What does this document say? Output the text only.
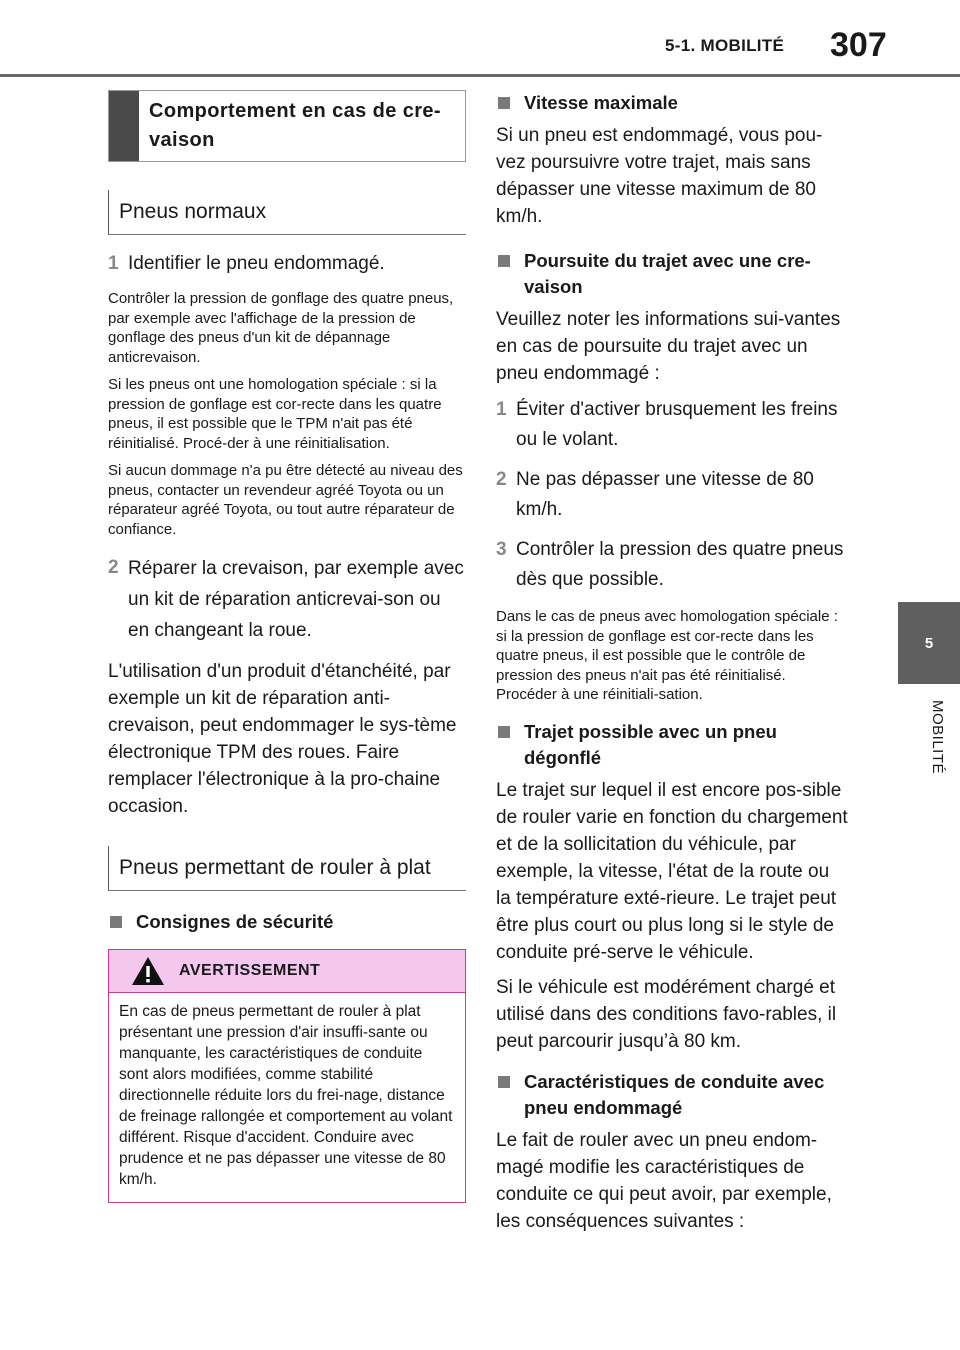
5-1. MOBILITÉ 307
5
MOBILITÉ
Comportement en cas de cre-vaison
Pneus normaux
1 Identifier le pneu endommagé.

Contrôler la pression de gonflage des quatre pneus, par exemple avec l'affichage de la pression de gonflage des pneus d'un kit de dépannage anticrevaison.

Si les pneus ont une homologation spéciale : si la pression de gonflage est cor-recte dans les quatre pneus, il est possible que le TPM n'ait pas été réinitialisé. Procé-der à une réinitialisation.

Si aucun dommage n'a pu être détecté au niveau des pneus, contacter un revendeur agréé Toyota ou un réparateur agréé Toyota, ou tout autre réparateur de confiance.

2 Réparer la crevaison, par exemple avec un kit de réparation anticrevai-son ou en changeant la roue.

L'utilisation d'un produit d'étanchéité, par exemple un kit de réparation anti-crevaison, peut endommager le sys-tème électronique TPM des roues. Faire remplacer l'électronique à la pro-chaine occasion.

Pneus permettant de rouler à plat
Consignes de sécurité
AVERTISSEMENT
En cas de pneus permettant de rouler à plat présentant une pression d'air insuffi-sante ou manquante, les caractéristiques de conduite sont alors modifiées, comme stabilité directionnelle réduite lors du frei-nage, distance de freinage rallongée et comportement au volant différent. Risque d'accident. Conduire avec prudence et ne pas dépasser une vitesse de 80 km/h.
Vitesse maximale

Si un pneu est endommagé, vous pou-vez poursuivre votre trajet, mais sans dépasser une vitesse maximum de 80 km/h.

Poursuite du trajet avec une cre-vaison

Veuillez noter les informations sui-vantes en cas de poursuite du trajet avec un pneu endommagé :

1 Éviter d'activer brusquement les freins ou le volant.
2 Ne pas dépasser une vitesse de 80 km/h.
3 Contrôler la pression des quatre pneus dès que possible.

Dans le cas de pneus avec homologation spéciale : si la pression de gonflage est cor-recte dans les quatre pneus, il est possible que le contrôle de pression des pneus n'ait pas été réinitialisé. Procéder à une réinitiali-sation.

Trajet possible avec un pneu dégonflé

Le trajet sur lequel il est encore pos-sible de rouler varie en fonction du chargement et de la sollicitation du véhicule, par exemple, la vitesse, l'état de la route ou la température exté-rieure. Le trajet peut être plus court ou plus long si le style de conduite pré-serve le véhicule.

Si le véhicule est modérément chargé et utilisé dans des conditions favo-rables, il peut parcourir jusqu’à 80 km.

Caractéristiques de conduite avec pneu endommagé

Le fait de rouler avec un pneu endom-magé modifie les caractéristiques de conduite ce qui peut avoir, par exemple, les conséquences suivantes :
